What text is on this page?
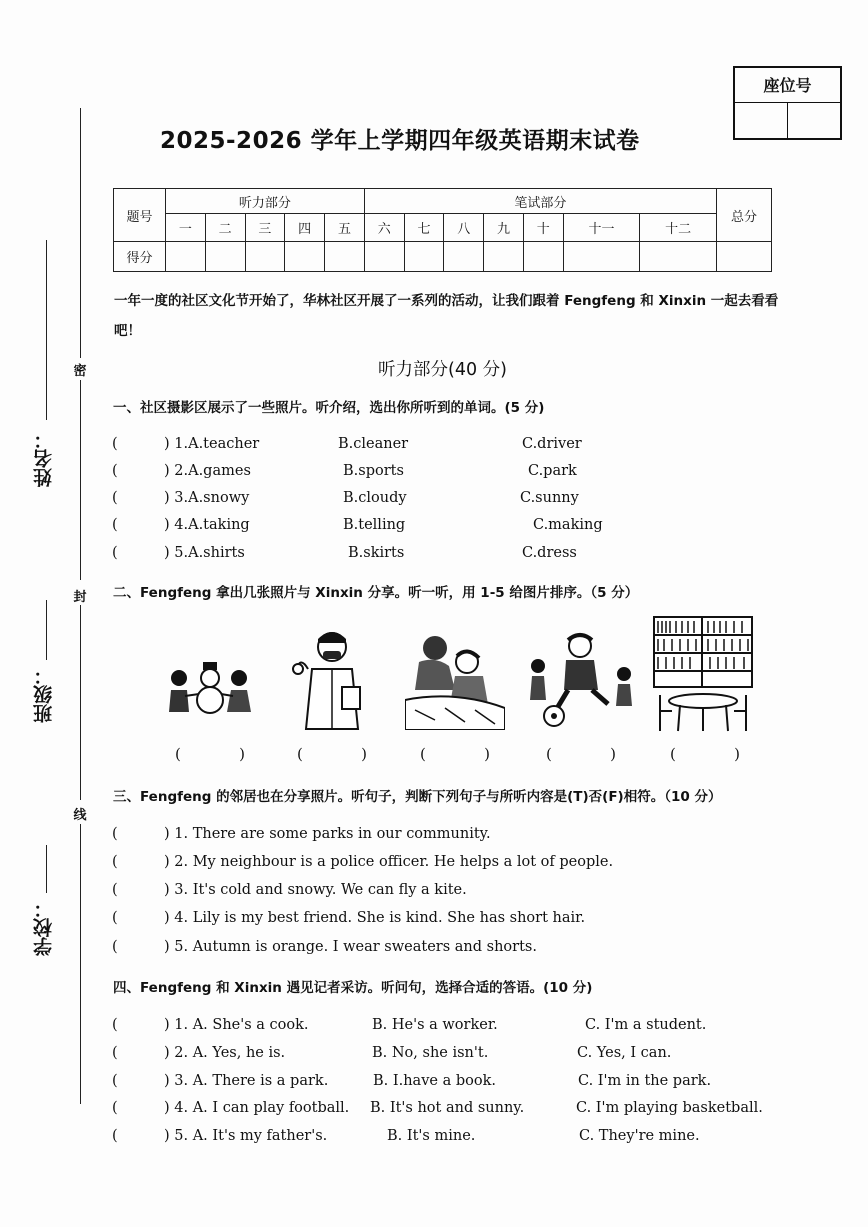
密
封
线
姓名：
班级：
学校：
座位号
2025-2026 学年上学期四年级英语期末试卷
题号	听力部分					笔试部分							总分
	一	二	三	四	五	六	七	八	九	十	十一	十二	
得分													
一年一度的社区文化节开始了，华林社区开展了一系列的活动，让我们跟着 Fengfeng 和 Xinxin 一起去看看吧！
听力部分(40 分)
一、社区摄影区展示了一些照片。听介绍，选出你所听到的单词。(5 分)
(	) 1.A.teacher	B.cleaner	C.driver
(	) 2.A.games	B.sports	C.park
(	) 3.A.snowy	B.cloudy	C.sunny
(	) 4.A.taking	B.telling	C.making
(	) 5.A.shirts	B.skirts	C.dress
二、Fengfeng 拿出几张照片与 Xinxin 分享。听一听，用 1-5 给图片排序。（5 分）
(	)	(	)	(	)	(	)	(	)
三、Fengfeng 的邻居也在分享照片。听句子，判断下列句子与所听内容是(T)否(F)相符。（10 分）
(	) 1. There are some parks in our community.
(	) 2. My neighbour is a police officer. He helps a lot of people.
(	) 3. It's cold and snowy. We can fly a kite.
(	) 4. Lily is my best friend. She is kind. She has short hair.
(	) 5. Autumn is orange. I wear sweaters and shorts.
四、Fengfeng 和 Xinxin 遇见记者采访。听问句，选择合适的答语。(10 分)
(	) 1. A. She's a cook.	B. He's a worker.	C. I'm a student.
(	) 2. A. Yes, he is.	B. No, she isn't.	C. Yes, I can.
(	) 3. A. There is a park.	B. I.have a book.	C. I'm in the park.
(	) 4. A. I can play football. B. It's hot and sunny.	C. I'm playing basketball.
(	) 5. A. It's my father's.	B. It's mine.	C. They're mine.
